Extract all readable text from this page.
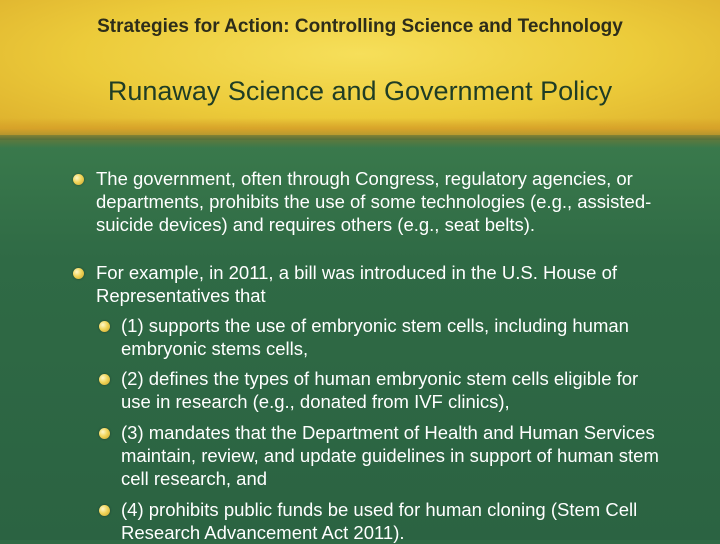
Strategies for Action: Controlling Science and Technology
Runaway Science and Government Policy
The government, often through Congress, regulatory agencies, or departments, prohibits the use of some technologies (e.g., assisted-suicide devices) and requires others (e.g., seat belts).
For example, in 2011, a bill was introduced in the U.S. House of Representatives that
(1) supports the use of embryonic stem cells, including human embryonic stems cells,
(2) defines the types of human embryonic stem cells eligible for use in research (e.g., donated from IVF clinics),
(3) mandates that the Department of Health and Human Services maintain, review, and update guidelines in support of human stem cell research, and
(4) prohibits public funds be used for human cloning (Stem Cell Research Advancement Act 2011).
